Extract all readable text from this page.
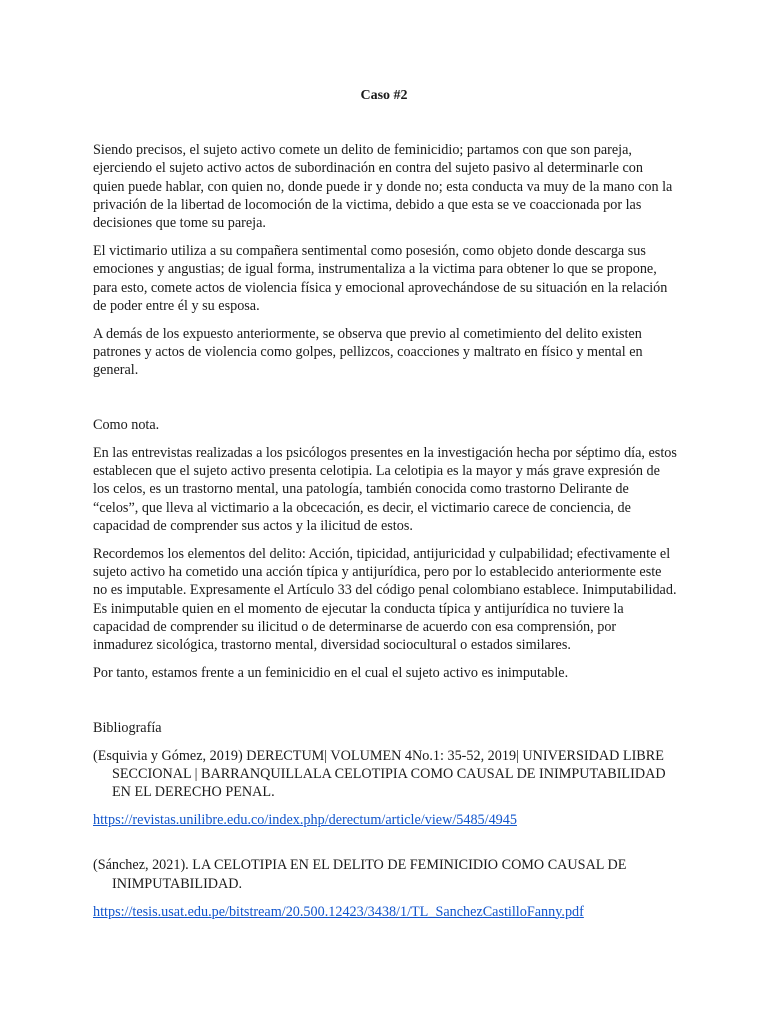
Caso #2

Siendo precisos, el sujeto activo comete un delito de feminicidio; partamos con que son pareja, ejerciendo el sujeto activo actos de subordinación en contra del sujeto pasivo al determinarle con quien puede hablar, con quien no, donde puede ir y donde no; esta conducta va muy de la mano con la privación de la libertad de locomoción de la victima, debido a que esta se ve coaccionada por las decisiones que tome su pareja.

El victimario utiliza a su compañera sentimental como posesión, como objeto donde descarga sus emociones y angustias; de igual forma, instrumentaliza a la victima para obtener lo que se propone, para esto, comete actos de violencia física y emocional aprovechándose de su situación en la relación de poder entre él y su esposa.

A demás de los expuesto anteriormente, se observa que previo al cometimiento del delito existen patrones y actos de violencia como golpes, pellizcos, coacciones y maltrato en físico y mental en general.

Como nota.

En las entrevistas realizadas a los psicólogos presentes en la investigación hecha por séptimo día, estos establecen que el sujeto activo presenta celotipia. La celotipia es la mayor y más grave expresión de los celos, es un trastorno mental, una patología, también conocida como trastorno Delirante de “celos”, que lleva al victimario a la obcecación, es decir, el victimario carece de conciencia, de capacidad de comprender sus actos y la ilicitud de estos.

Recordemos los elementos del delito: Acción, tipicidad, antijuricidad y culpabilidad; efectivamente el sujeto activo ha cometido una acción típica y antijurídica, pero por lo establecido anteriormente este no es imputable. Expresamente el Artículo 33 del código penal colombiano establece. Inimputabilidad. Es inimputable quien en el momento de ejecutar la conducta típica y antijurídica no tuviere la capacidad de comprender su ilicitud o de determinarse de acuerdo con esa comprensión, por inmadurez sicológica, trastorno mental, diversidad sociocultural o estados similares.

Por tanto, estamos frente a un feminicidio en el cual el sujeto activo es inimputable.

Bibliografía

(Esquivia y Gómez, 2019) DERECTUM| VOLUMEN 4No.1: 35-52, 2019| UNIVERSIDAD LIBRE SECCIONAL | BARRANQUILLALA CELOTIPIA COMO CAUSAL DE INIMPUTABILIDAD EN EL DERECHO PENAL.

https://revistas.unilibre.edu.co/index.php/derectum/article/view/5485/4945

(Sánchez, 2021). LA CELOTIPIA EN EL DELITO DE FEMINICIDIO COMO CAUSAL DE INIMPUTABILIDAD.

https://tesis.usat.edu.pe/bitstream/20.500.12423/3438/1/TL_SanchezCastilloFanny.pdf
